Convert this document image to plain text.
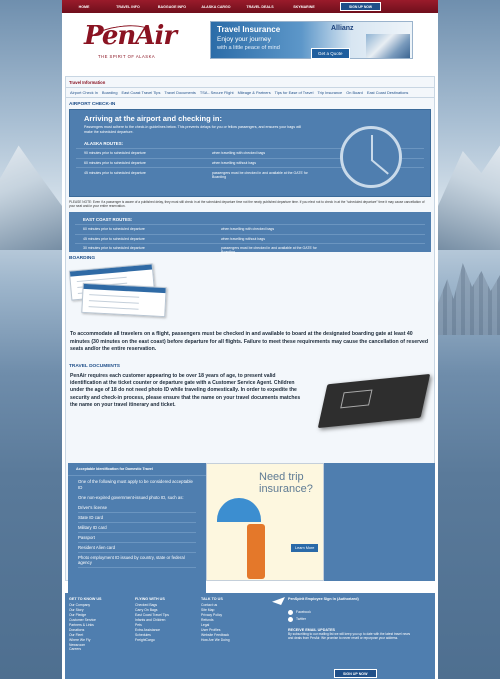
HOME	TRAVEL INFO	BAGGAGE INFO	ALASKA CARGO	TRAVEL DEALS	SKYMARINE	SIGN UP NOW
PenAir
THE SPIRIT OF ALASKA
Travel Insurance
Enjoy your journey
with a little peace of mind
Allianz
Get a Quote
Travel Information
Airport Check In Boarding East Coast Travel Tips Travel Documents TSA - Secure Flight Mileage & Partners Tips for Ease of Travel Trip Insurance On Board East Coast Destinations
AIRPORT CHECK-IN
Arriving at the airport and checking in:
Passengers must adhere to the check-in guidelines below. This prevents delays for you or fellow passengers, and ensures your bags will make the scheduled departure.
ALASKA ROUTES:
90 minutes prior to scheduled departure	when travelling with checked bags
60 minutes prior to scheduled departure	when travelling without bags
45 minutes prior to scheduled departure	passengers must be checked in and available at the GATE for Boarding
PLEASE NOTE: Even if a passenger is aware of a published delay, they must still check in at the scheduled departure time not the newly published departure time. If you elect not to check in at the "scheduled departure" time it may cause cancellation of your seat and/or your entire reservation.
EAST COAST ROUTES:
60 minutes prior to scheduled departure	when travelling with checked bags
45 minutes prior to scheduled departure	when travelling without bags
30 minutes prior to scheduled departure	passengers must be checked in and available at the GATE for Boarding
BOARDING
To accommodate all travelers on a flight, passengers must be checked in and available to board at the designated boarding gate at least 40 minutes (30 minutes on the east coast) before departure for all flights. Failure to meet these requirements may cause the cancellation of reserved seats and/or the entire reservation.
TRAVEL DOCUMENTS
PenAir requires each customer appearing to be over 18 years of age, to present valid identification at the ticket counter or departure gate with a Customer Service Agent. Children under the age of 18 do not need photo ID while traveling domestically. In order to expedite the security and check-in process, please ensure that the name on your travel documents matches the name on your travel itinerary and ticket.
Acceptable Identification for Domestic Travel
One of the following must apply to be considered acceptable ID
One non-expired government-issued photo ID, such as:
Driver's license
State ID card
Military ID card
Passport
Resident Alien card
Photo employment ID issued by country, state or federal agency
Need trip insurance?
Learn More
GET TO KNOW US
Our Company
Our Story
Our Pledge
Customer Service
Partners & Links
Donations
Our Fleet
Where We Fly
Newsroom
Careers
FLYING WITH US
Checked Bags
Carry On Bags
East Coast Travel Tips
Infants and Children
Pets
Extra Assistance
Schedules
FreightCargo
TALK TO US
Contact us
Site Map
Privacy Policy
Refunds
Legal
User Profiles
Website Feedback
How Are We Doing
PenSpirit Employee Sign In (Authorized)
Facebook
Twitter
RECEIVE EMAIL UPDATES
By subscribing to our mailing list we will keep you up to date with the latest travel news and deals from PenAir. We promise to never resell or repurpose your address.
SIGN UP NOW
